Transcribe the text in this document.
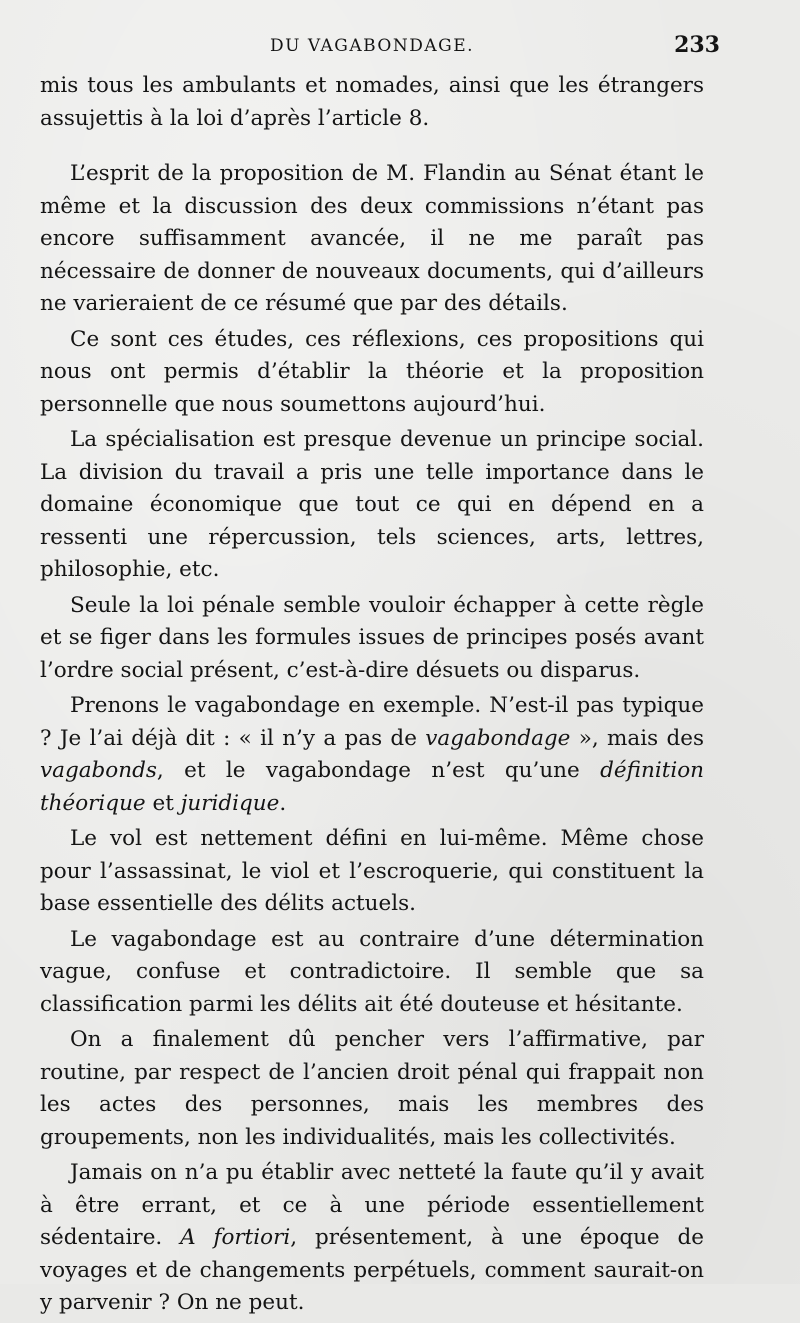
DU VAGABONDAGE.	233

mis tous les ambulants et nomades, ainsi que les étrangers assujettis à la loi d’après l’article 8.

L’esprit de la proposition de M. Flandin au Sénat étant le même et la discussion des deux commissions n’étant pas encore suffisamment avancée, il ne me paraît pas nécessaire de donner de nouveaux documents, qui d’ailleurs ne varieraient de ce résumé que par des détails.

Ce sont ces études, ces réflexions, ces propositions qui nous ont permis d’établir la théorie et la proposition personnelle que nous soumettons aujourd’hui.

La spécialisation est presque devenue un principe social. La division du travail a pris une telle importance dans le domaine économique que tout ce qui en dépend en a ressenti une répercussion, tels sciences, arts, lettres, philosophie, etc.

Seule la loi pénale semble vouloir échapper à cette règle et se figer dans les formules issues de principes posés avant l’ordre social présent, c’est-à-dire désuets ou disparus.

Prenons le vagabondage en exemple. N’est-il pas typique ? Je l’ai déjà dit : « il n’y a pas de vagabondage », mais des vagabonds, et le vagabondage n’est qu’une définition théorique et juridique.

Le vol est nettement défini en lui-même. Même chose pour l’assassinat, le viol et l’escroquerie, qui constituent la base essentielle des délits actuels.

Le vagabondage est au contraire d’une détermination vague, confuse et contradictoire. Il semble que sa classification parmi les délits ait été douteuse et hésitante.

On a finalement dû pencher vers l’affirmative, par routine, par respect de l’ancien droit pénal qui frappait non les actes des personnes, mais les membres des groupements, non les individualités, mais les collectivités.

Jamais on n’a pu établir avec netteté la faute qu’il y avait à être errant, et ce à une période essentiellement sédentaire. A fortiori, présentement, à une époque de voyages et de changements perpétuels, comment saurait-on y parvenir ? On ne peut.
